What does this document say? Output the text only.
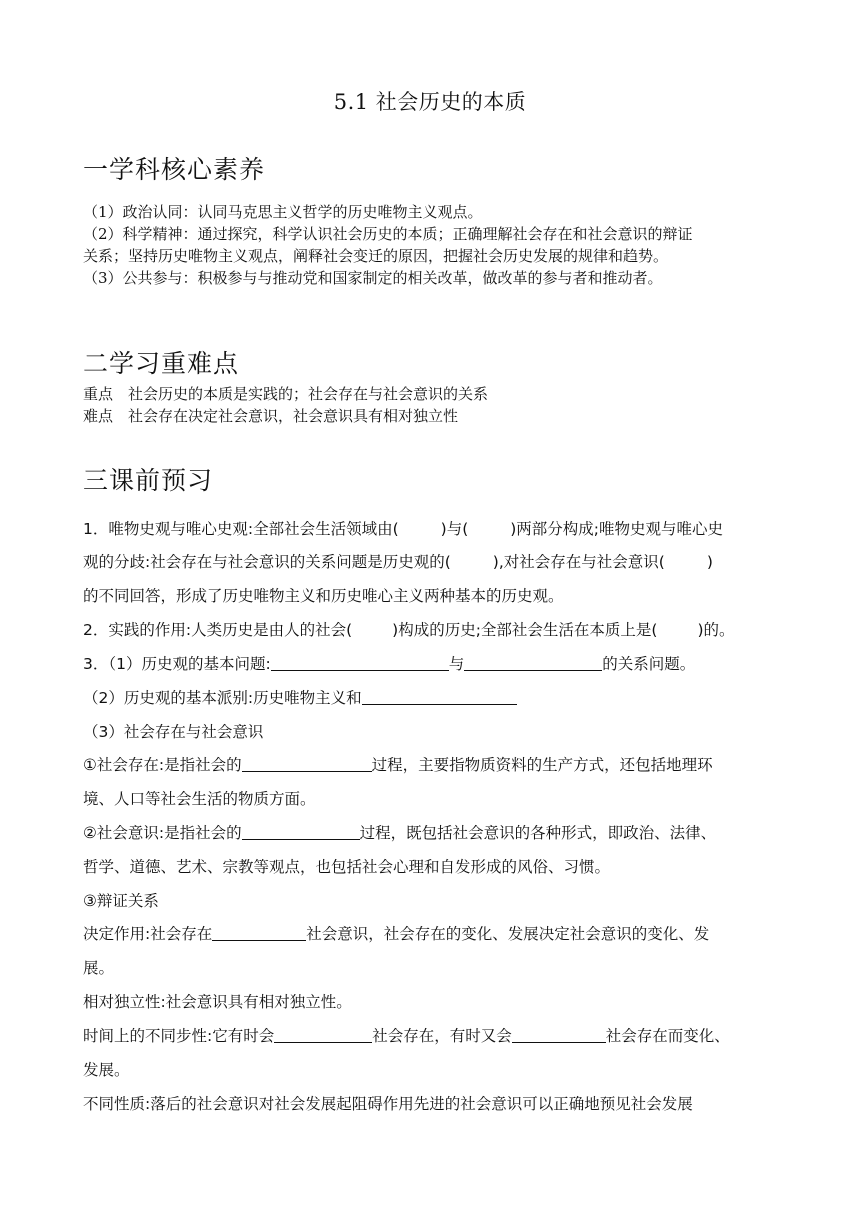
5.1 社会历史的本质
一学科核心素养
（1）政治认同：认同马克思主义哲学的历史唯物主义观点。
（2）科学精神：通过探究，科学认识社会历史的本质；正确理解社会存在和社会意识的辩证
关系；坚持历史唯物主义观点，阐释社会变迁的原因，把握社会历史发展的规律和趋势。
（3）公共参与：积极参与与推动党和国家制定的相关改革，做改革的参与者和推动者。
二学习重难点
重点　社会历史的本质是实践的；社会存在与社会意识的关系
难点　社会存在决定社会意识，社会意识具有相对独立性
三课前预习
1．唯物史观与唯心史观:全部社会生活领域由(	)与(	)两部分构成;唯物史观与唯心史
观的分歧:社会存在与社会意识的关系问题是历史观的(	),对社会存在与社会意识(	)
的不同回答，形成了历史唯物主义和历史唯心主义两种基本的历史观。
2．实践的作用:人类历史是由人的社会(	)构成的历史;全部社会生活在本质上是(	)的。
3．（1）历史观的基本问题:	与	的关系问题。
（2）历史观的基本派别:历史唯物主义和
（3）社会存在与社会意识
①社会存在:是指社会的	过程，主要指物质资料的生产方式，还包括地理环
境、人口等社会生活的物质方面。
②社会意识:是指社会的	过程，既包括社会意识的各种形式，即政治、法律、
哲学、道德、艺术、宗教等观点，也包括社会心理和自发形成的风俗、习惯。
③辩证关系
决定作用:社会存在	社会意识，社会存在的变化、发展决定社会意识的变化、发
展。
相对独立性:社会意识具有相对独立性。
时间上的不同步性:它有时会	社会存在，有时又会	社会存在而变化、
发展。
不同性质:落后的社会意识对社会发展起阻碍作用先进的社会意识可以正确地预见社会发展
